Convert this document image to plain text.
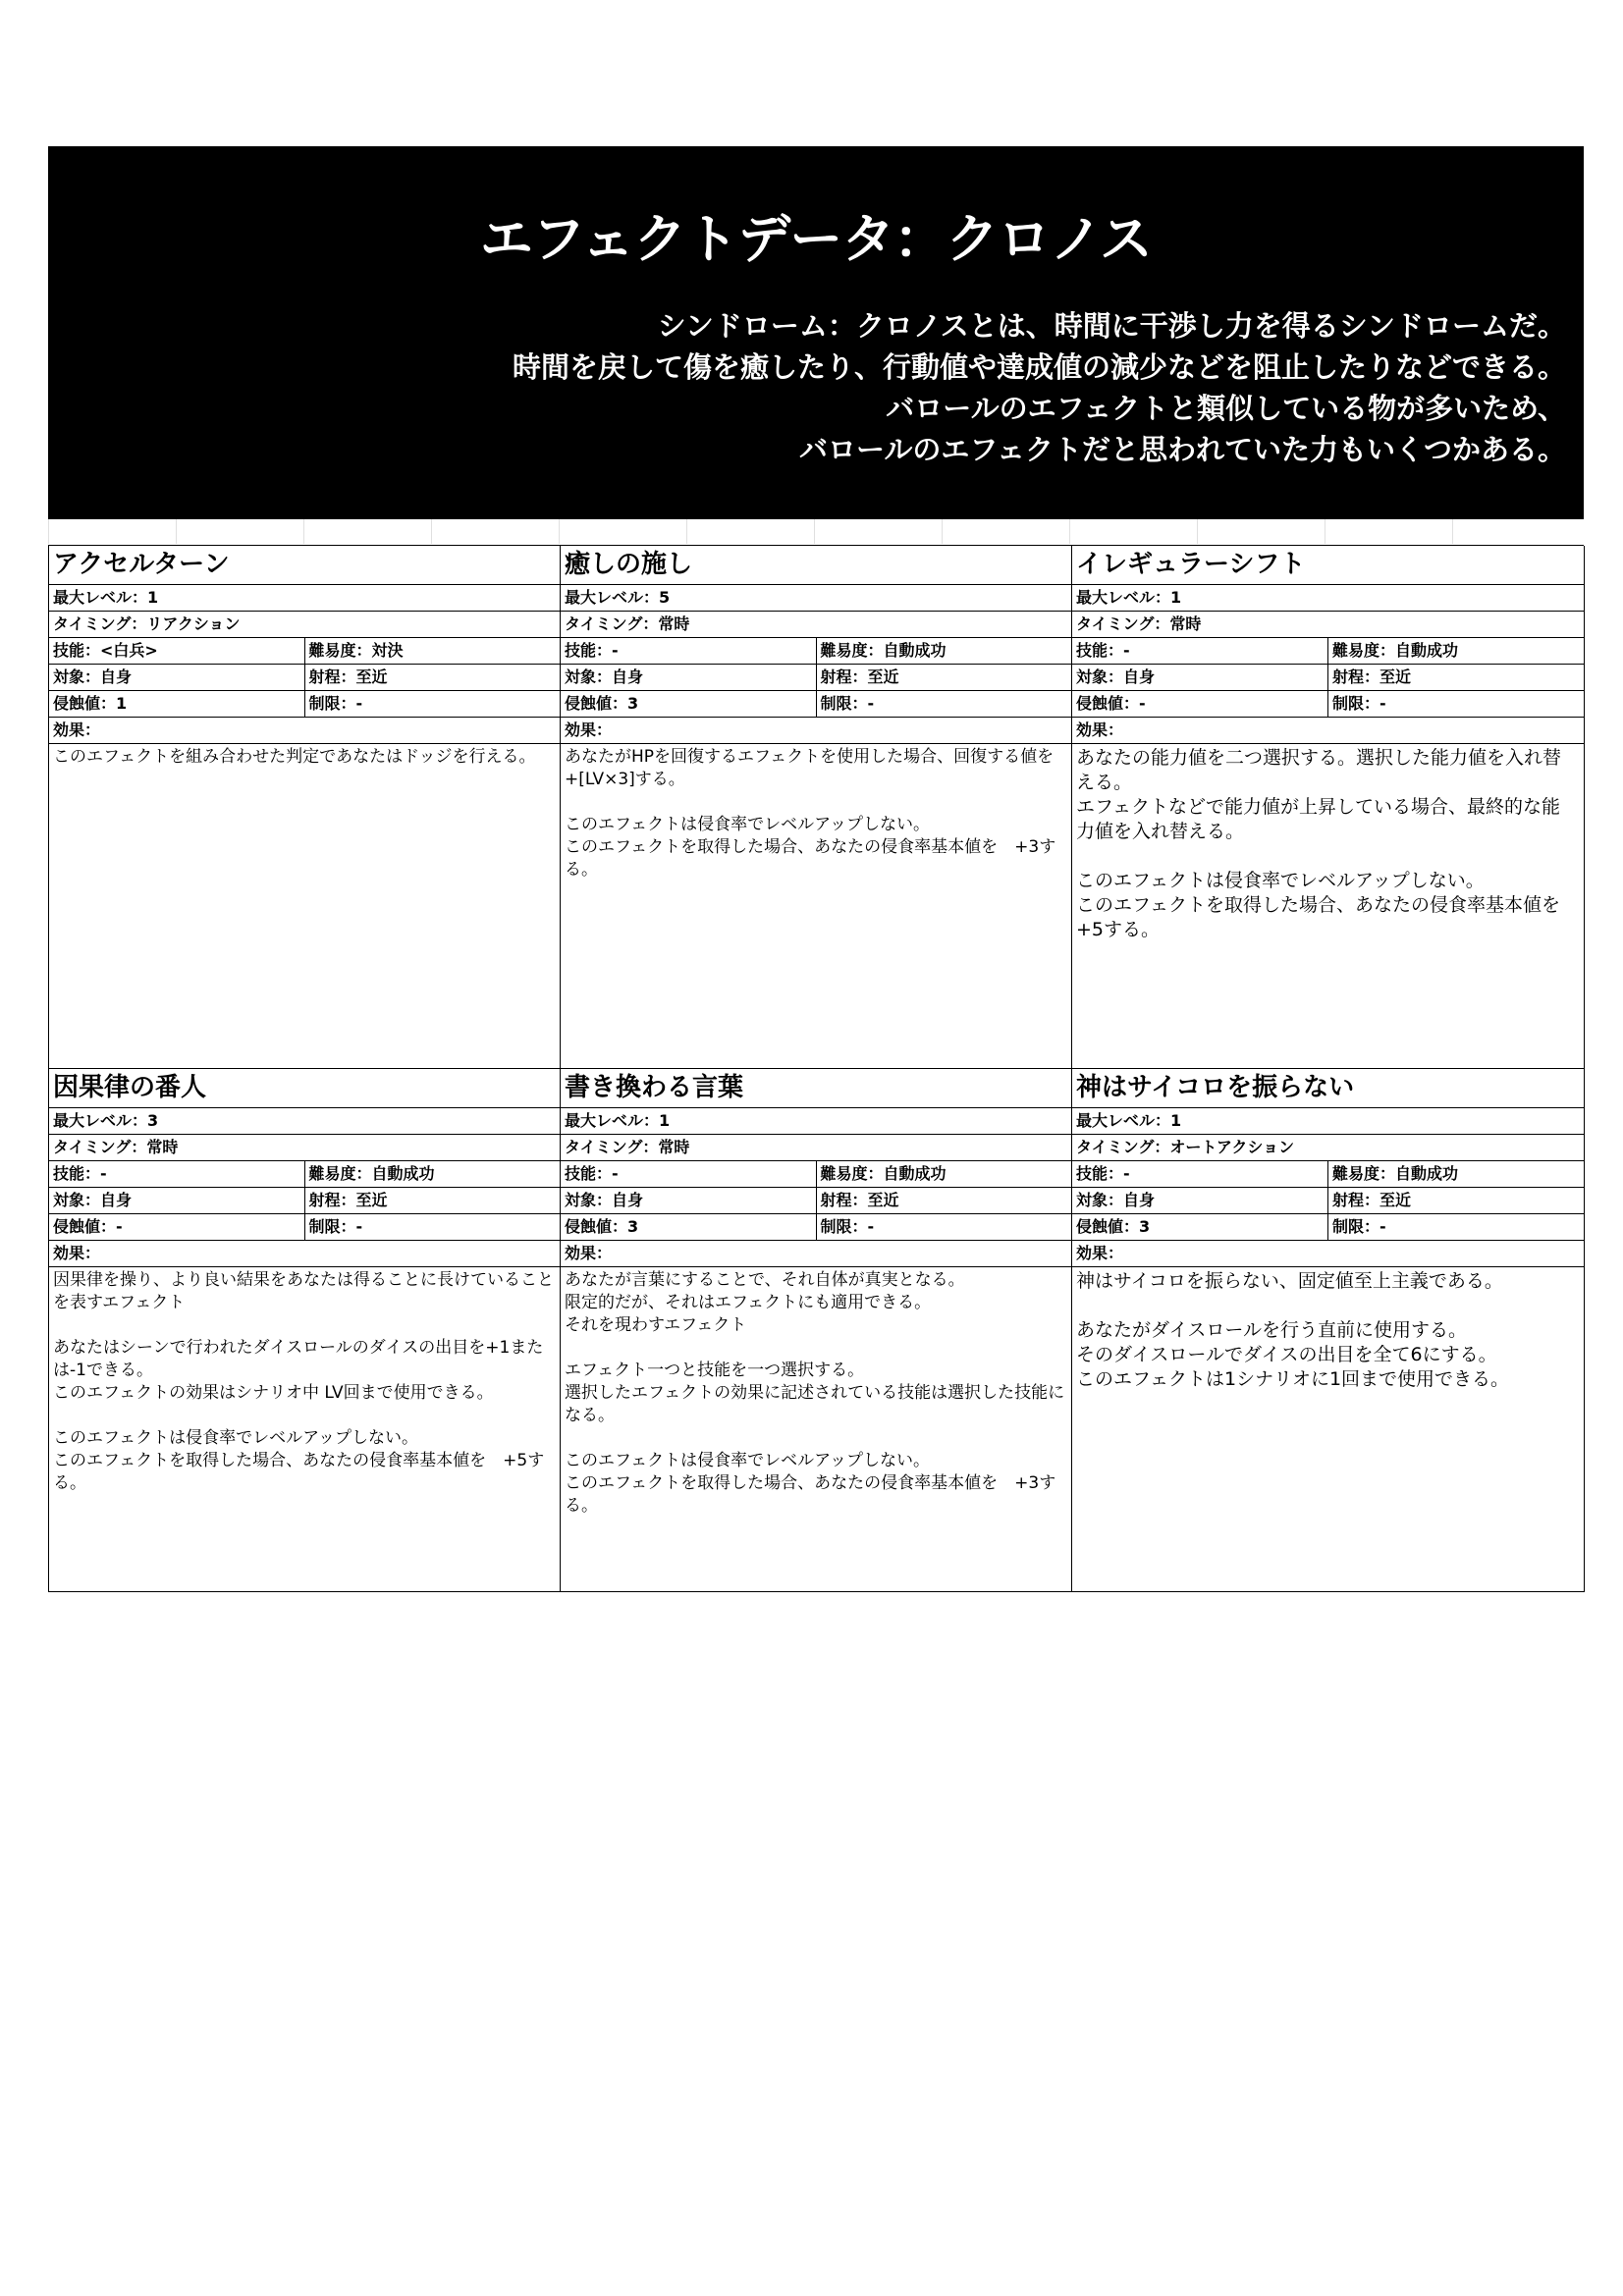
エフェクトデータ：クロノス
シンドローム：クロノスとは、時間に干渉し力を得るシンドロームだ。
時間を戻して傷を癒したり、行動値や達成値の減少などを阻止したりなどできる。
バロールのエフェクトと類似している物が多いため、
バロールのエフェクトだと思われていた力もいくつかある。
アクセルターン
最大レベル：1
タイミング：リアクション
技能：<白兵>	難易度：対決
対象：自身	射程：至近
侵蝕値：1	制限：-
効果：
このエフェクトを組み合わせた判定であなたはドッジを行える。
癒しの施し
最大レベル：5
タイミング：常時
技能：-	難易度：自動成功
対象：自身	射程：至近
侵蝕値：3	制限：-
効果：
あなたがHPを回復するエフェクトを使用した場合、回復する値を+[LV×3]する。

このエフェクトは侵食率でレベルアップしない。
このエフェクトを取得した場合、あなたの侵食率基本値を　+3する。
イレギュラーシフト
最大レベル：1
タイミング：常時
技能：-	難易度：自動成功
対象：自身	射程：至近
侵蝕値：-	制限：-
効果：
あなたの能力値を二つ選択する。選択した能力値を入れ替える。
エフェクトなどで能力値が上昇している場合、最終的な能力値を入れ替える。

このエフェクトは侵食率でレベルアップしない。
このエフェクトを取得した場合、あなたの侵食率基本値を+5する。
因果律の番人
最大レベル：3
タイミング：常時
技能：-	難易度：自動成功
対象：自身	射程：至近
侵蝕値：-	制限：-
効果：
因果律を操り、より良い結果をあなたは得ることに長けていることを表すエフェクト

あなたはシーンで行われたダイスロールのダイスの出目を+1または-1できる。
このエフェクトの効果はシナリオ中 LV回まで使用できる。

このエフェクトは侵食率でレベルアップしない。
このエフェクトを取得した場合、あなたの侵食率基本値を　+5する。
書き換わる言葉
最大レベル：1
タイミング：常時
技能：-	難易度：自動成功
対象：自身	射程：至近
侵蝕値：3	制限：-
効果：
あなたが言葉にすることで、それ自体が真実となる。
限定的だが、それはエフェクトにも適用できる。
それを現わすエフェクト

エフェクト一つと技能を一つ選択する。
選択したエフェクトの効果に記述されている技能は選択した技能になる。

このエフェクトは侵食率でレベルアップしない。
このエフェクトを取得した場合、あなたの侵食率基本値を　+3する。
神はサイコロを振らない
最大レベル：1
タイミング：オートアクション
技能：-	難易度：自動成功
対象：自身	射程：至近
侵蝕値：3	制限：-
効果：
神はサイコロを振らない、固定値至上主義である。

あなたがダイスロールを行う直前に使用する。
そのダイスロールでダイスの出目を全て6にする。
このエフェクトは1シナリオに1回まで使用できる。
